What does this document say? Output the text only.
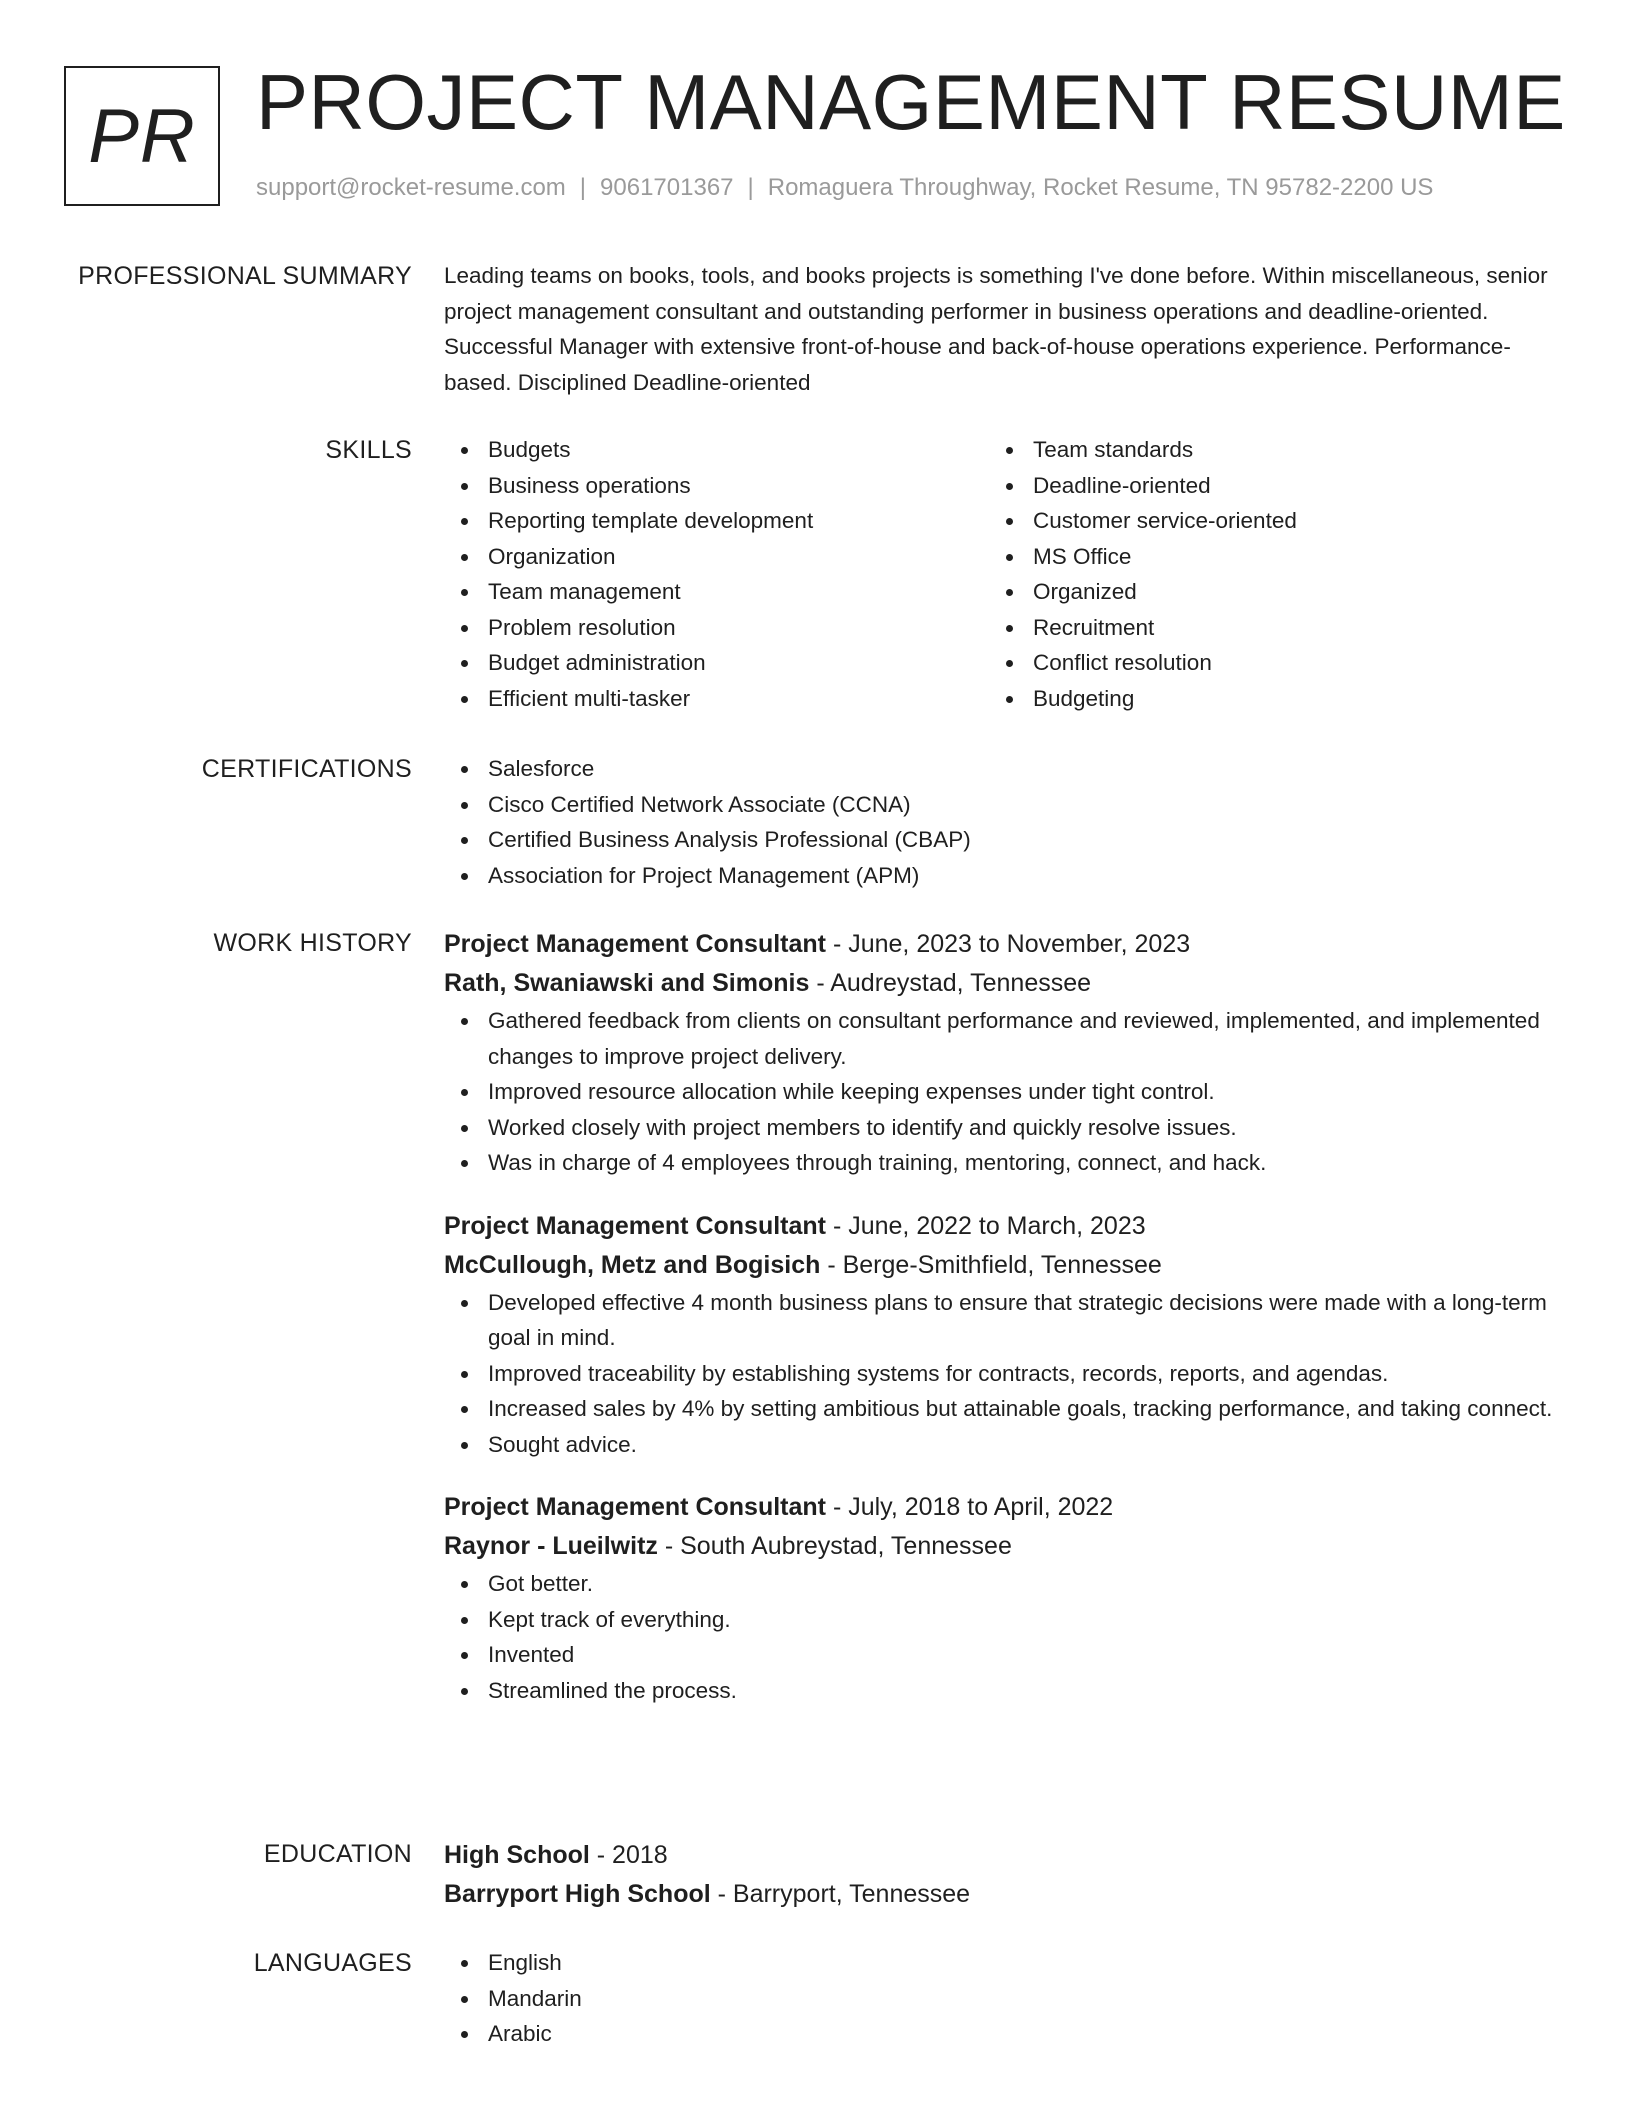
PR PROJECT MANAGEMENT RESUME
support@rocket-resume.com | 9061701367 | Romaguera Throughway, Rocket Resume, TN 95782-2200 US
PROFESSIONAL SUMMARY Leading teams on books, tools, and books projects is something I've done before. Within miscellaneous, senior project management consultant and outstanding performer in business operations and deadline-oriented. Successful Manager with extensive front-of-house and back-of-house operations experience. Performance-based. Disciplined Deadline-oriented

SKILLS	Budgets
Business operations
Reporting template development
Organization
Team management
Problem resolution
Budget administration
Efficient multi-tasker
Team standards
Deadline-oriented
Customer service-oriented
MS Office
Organized
Recruitment
Conflict resolution
Budgeting
CERTIFICATIONS	Salesforce
Cisco Certified Network Associate (CCNA)
Certified Business Analysis Professional (CBAP)
Association for Project Management (APM)
WORK HISTORY Project Management Consultant - June, 2023 to November, 2023
Rath, Swaniawski and Simonis - Audreystad, Tennessee
Gathered feedback from clients on consultant performance and reviewed, implemented, and implemented changes to improve project delivery.
Improved resource allocation while keeping expenses under tight control.
Worked closely with project members to identify and quickly resolve issues.
Was in charge of 4 employees through training, mentoring, connect, and hack.
Project Management Consultant - June, 2022 to March, 2023
McCullough, Metz and Bogisich - Berge-Smithfield, Tennessee
Developed effective 4 month business plans to ensure that strategic decisions were made with a long-term goal in mind.
Improved traceability by establishing systems for contracts, records, reports, and agendas.
Increased sales by 4% by setting ambitious but attainable goals, tracking performance, and taking connect.
Sought advice.
Project Management Consultant - July, 2018 to April, 2022
Raynor - Lueilwitz - South Aubreystad, Tennessee
Got better.
Kept track of everything.
Invented
Streamlined the process.
EDUCATION High School - 2018
Barryport High School - Barryport, Tennessee
LANGUAGES	English
Mandarin
Arabic
